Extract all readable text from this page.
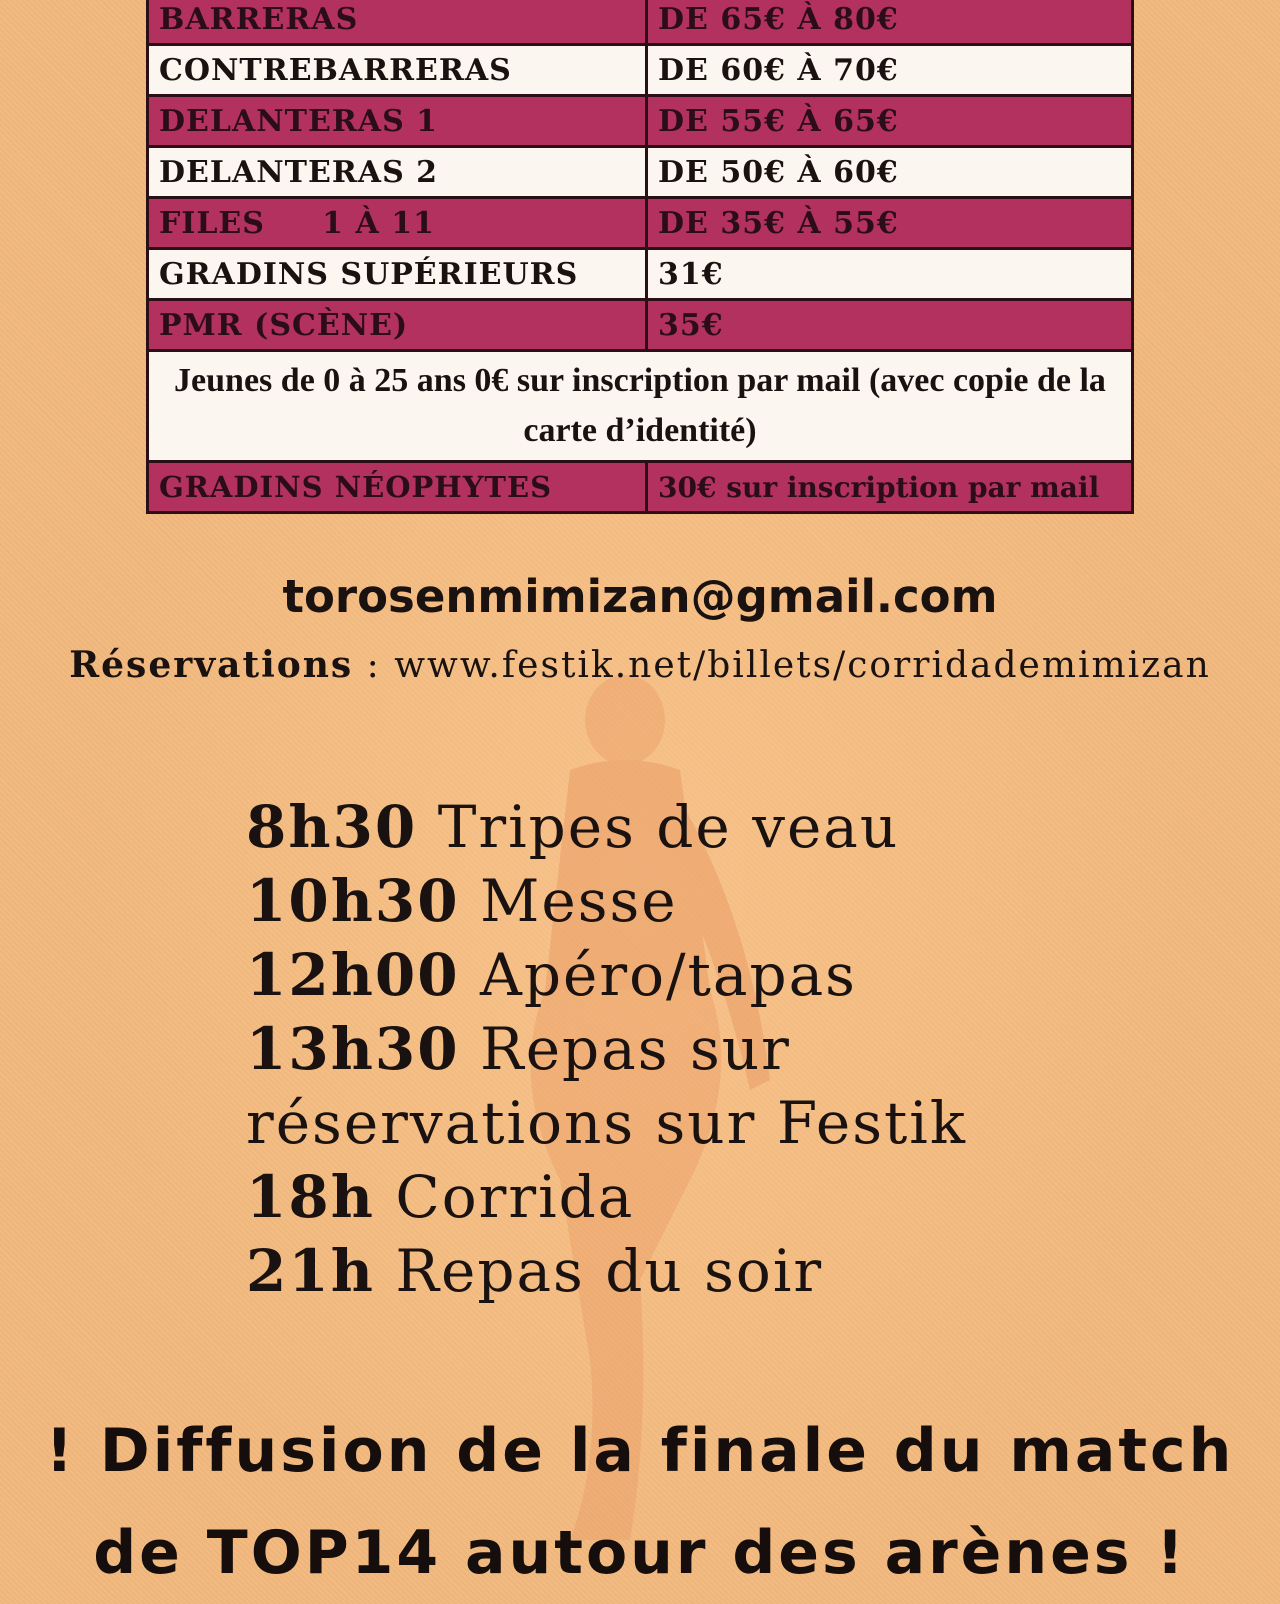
BARRERAS	DE 65€ À 80€
CONTREBARRERAS	DE 60€ À 70€
DELANTERAS 1	DE 55€ À 65€
DELANTERAS 2	DE 50€ À 60€
FILES     1 À 11	DE 35€ À 55€
GRADINS SUPÉRIEURS	31€
PMR (SCÈNE)	35€
Jeunes de 0 à 25 ans 0€ sur inscription par mail (avec copie de la carte d’identité)	
GRADINS NÉOPHYTES	30€ sur inscription par mail
torosenmimizan@gmail.com
Réservations : www.festik.net/billets/corridademimizan
8h30 Tripes de veau
10h30 Messe
12h00 Apéro/tapas
13h30 Repas sur réservations sur Festik
18h Corrida
21h Repas du soir
! Diffusion de la finale du match
de TOP14 autour des arènes !
